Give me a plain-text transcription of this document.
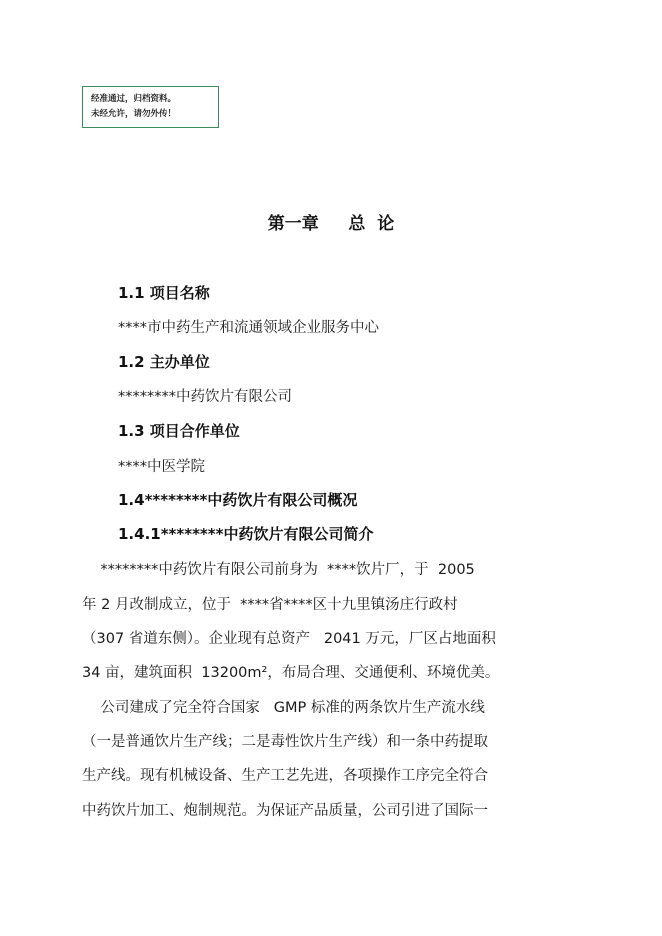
经准通过，归档资料。
未经允许，请勿外传！
第一章     总  论
1.1 项目名称
****市中药生产和流通领域企业服务中心
1.2 主办单位
********中药饮片有限公司
1.3 项目合作单位
****中医学院
1.4********中药饮片有限公司概况
1.4.1********中药饮片有限公司简介
********中药饮片有限公司前身为  ****饮片厂，于  2005
年 2 月改制成立，位于  ****省****区十九里镇汤庄行政村
（307 省道东侧）。企业现有总资产   2041 万元，厂区占地面积
34 亩，建筑面积  13200m²，布局合理、交通便利、环境优美。
公司建成了完全符合国家   GMP 标准的两条饮片生产流水线
（一是普通饮片生产线；二是毒性饮片生产线）和一条中药提取
生产线。现有机械设备、生产工艺先进，各项操作工序完全符合
中药饮片加工、炮制规范。为保证产品质量，公司引进了国际一
